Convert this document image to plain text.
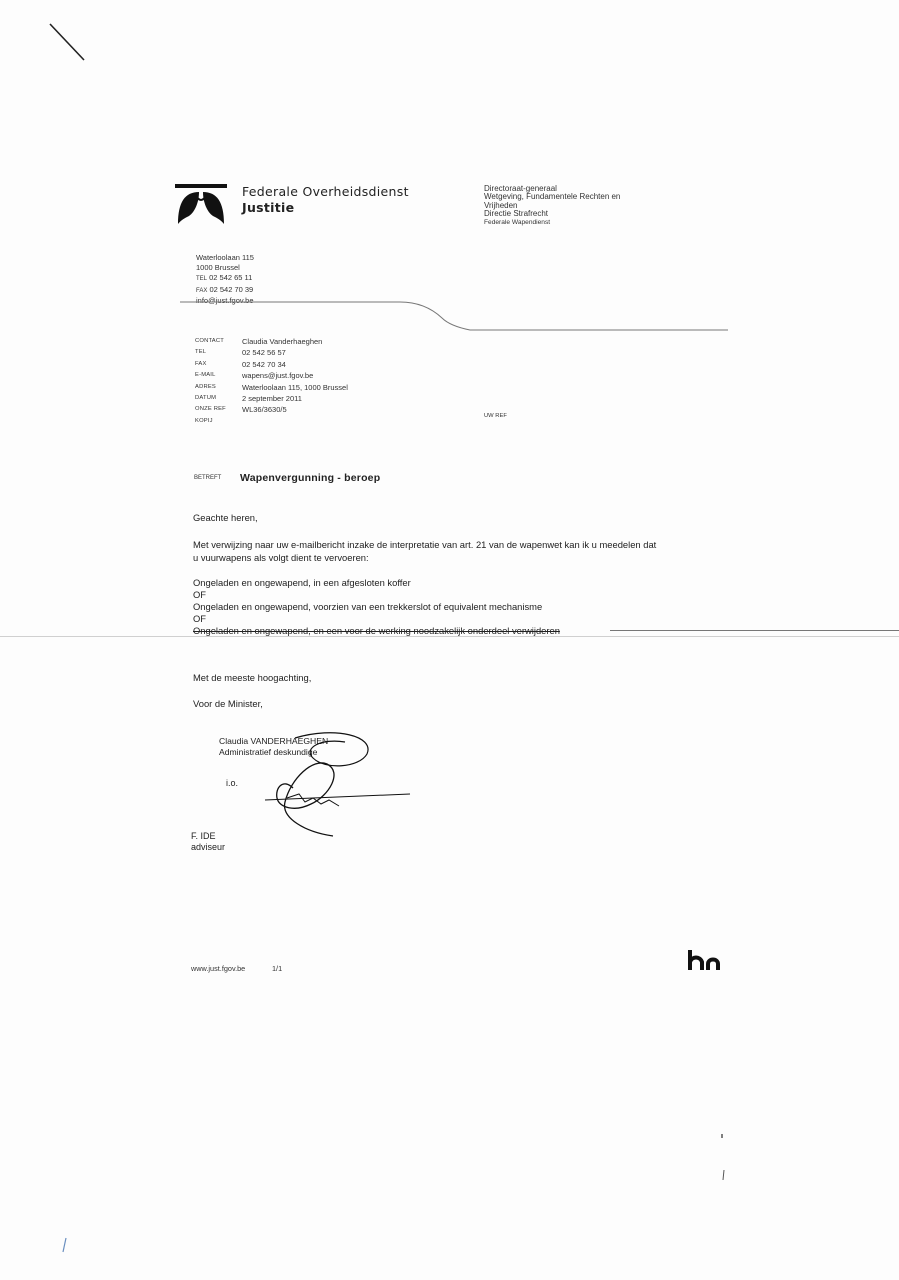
Federale Overheidsdienst
Justitie
Directoraat-generaal
Wetgeving, Fundamentele Rechten en
Vrijheden
Directie Strafrecht
Federale Wapendienst
Waterloolaan 115
1000 Brussel
TEL 02 542 65 11
FAX 02 542 70 39
info@just.fgov.be
CONTACT	Claudia Vanderhaeghen
TEL	02 542 56 57
FAX	02 542 70 34
E-MAIL	wapens@just.fgov.be
ADRES	Waterloolaan 115, 1000 Brussel
DATUM	2 september 2011
ONZE REF	WL36/3630/5
KOPIJ	
UW REF
BETREFT Wapenvergunning - beroep
Geachte heren,
Met verwijzing naar uw e-mailbericht inzake de interpretatie van art. 21 van de wapenwet kan ik u meedelen dat u vuurwapens als volgt dient te vervoeren:
Ongeladen en ongewapend, in een afgesloten koffer
OF
Ongeladen en ongewapend, voorzien van een trekkerslot of equivalent mechanisme
OF
Ongeladen en ongewapend, en een voor de werking noodzakelijk onderdeel verwijderen
Met de meeste hoogachting,
Voor de Minister,
Claudia VANDERHAEGHEN
Administratief deskundige
i.o.
F. IDE
adviseur
www.just.fgov.be	1/1
